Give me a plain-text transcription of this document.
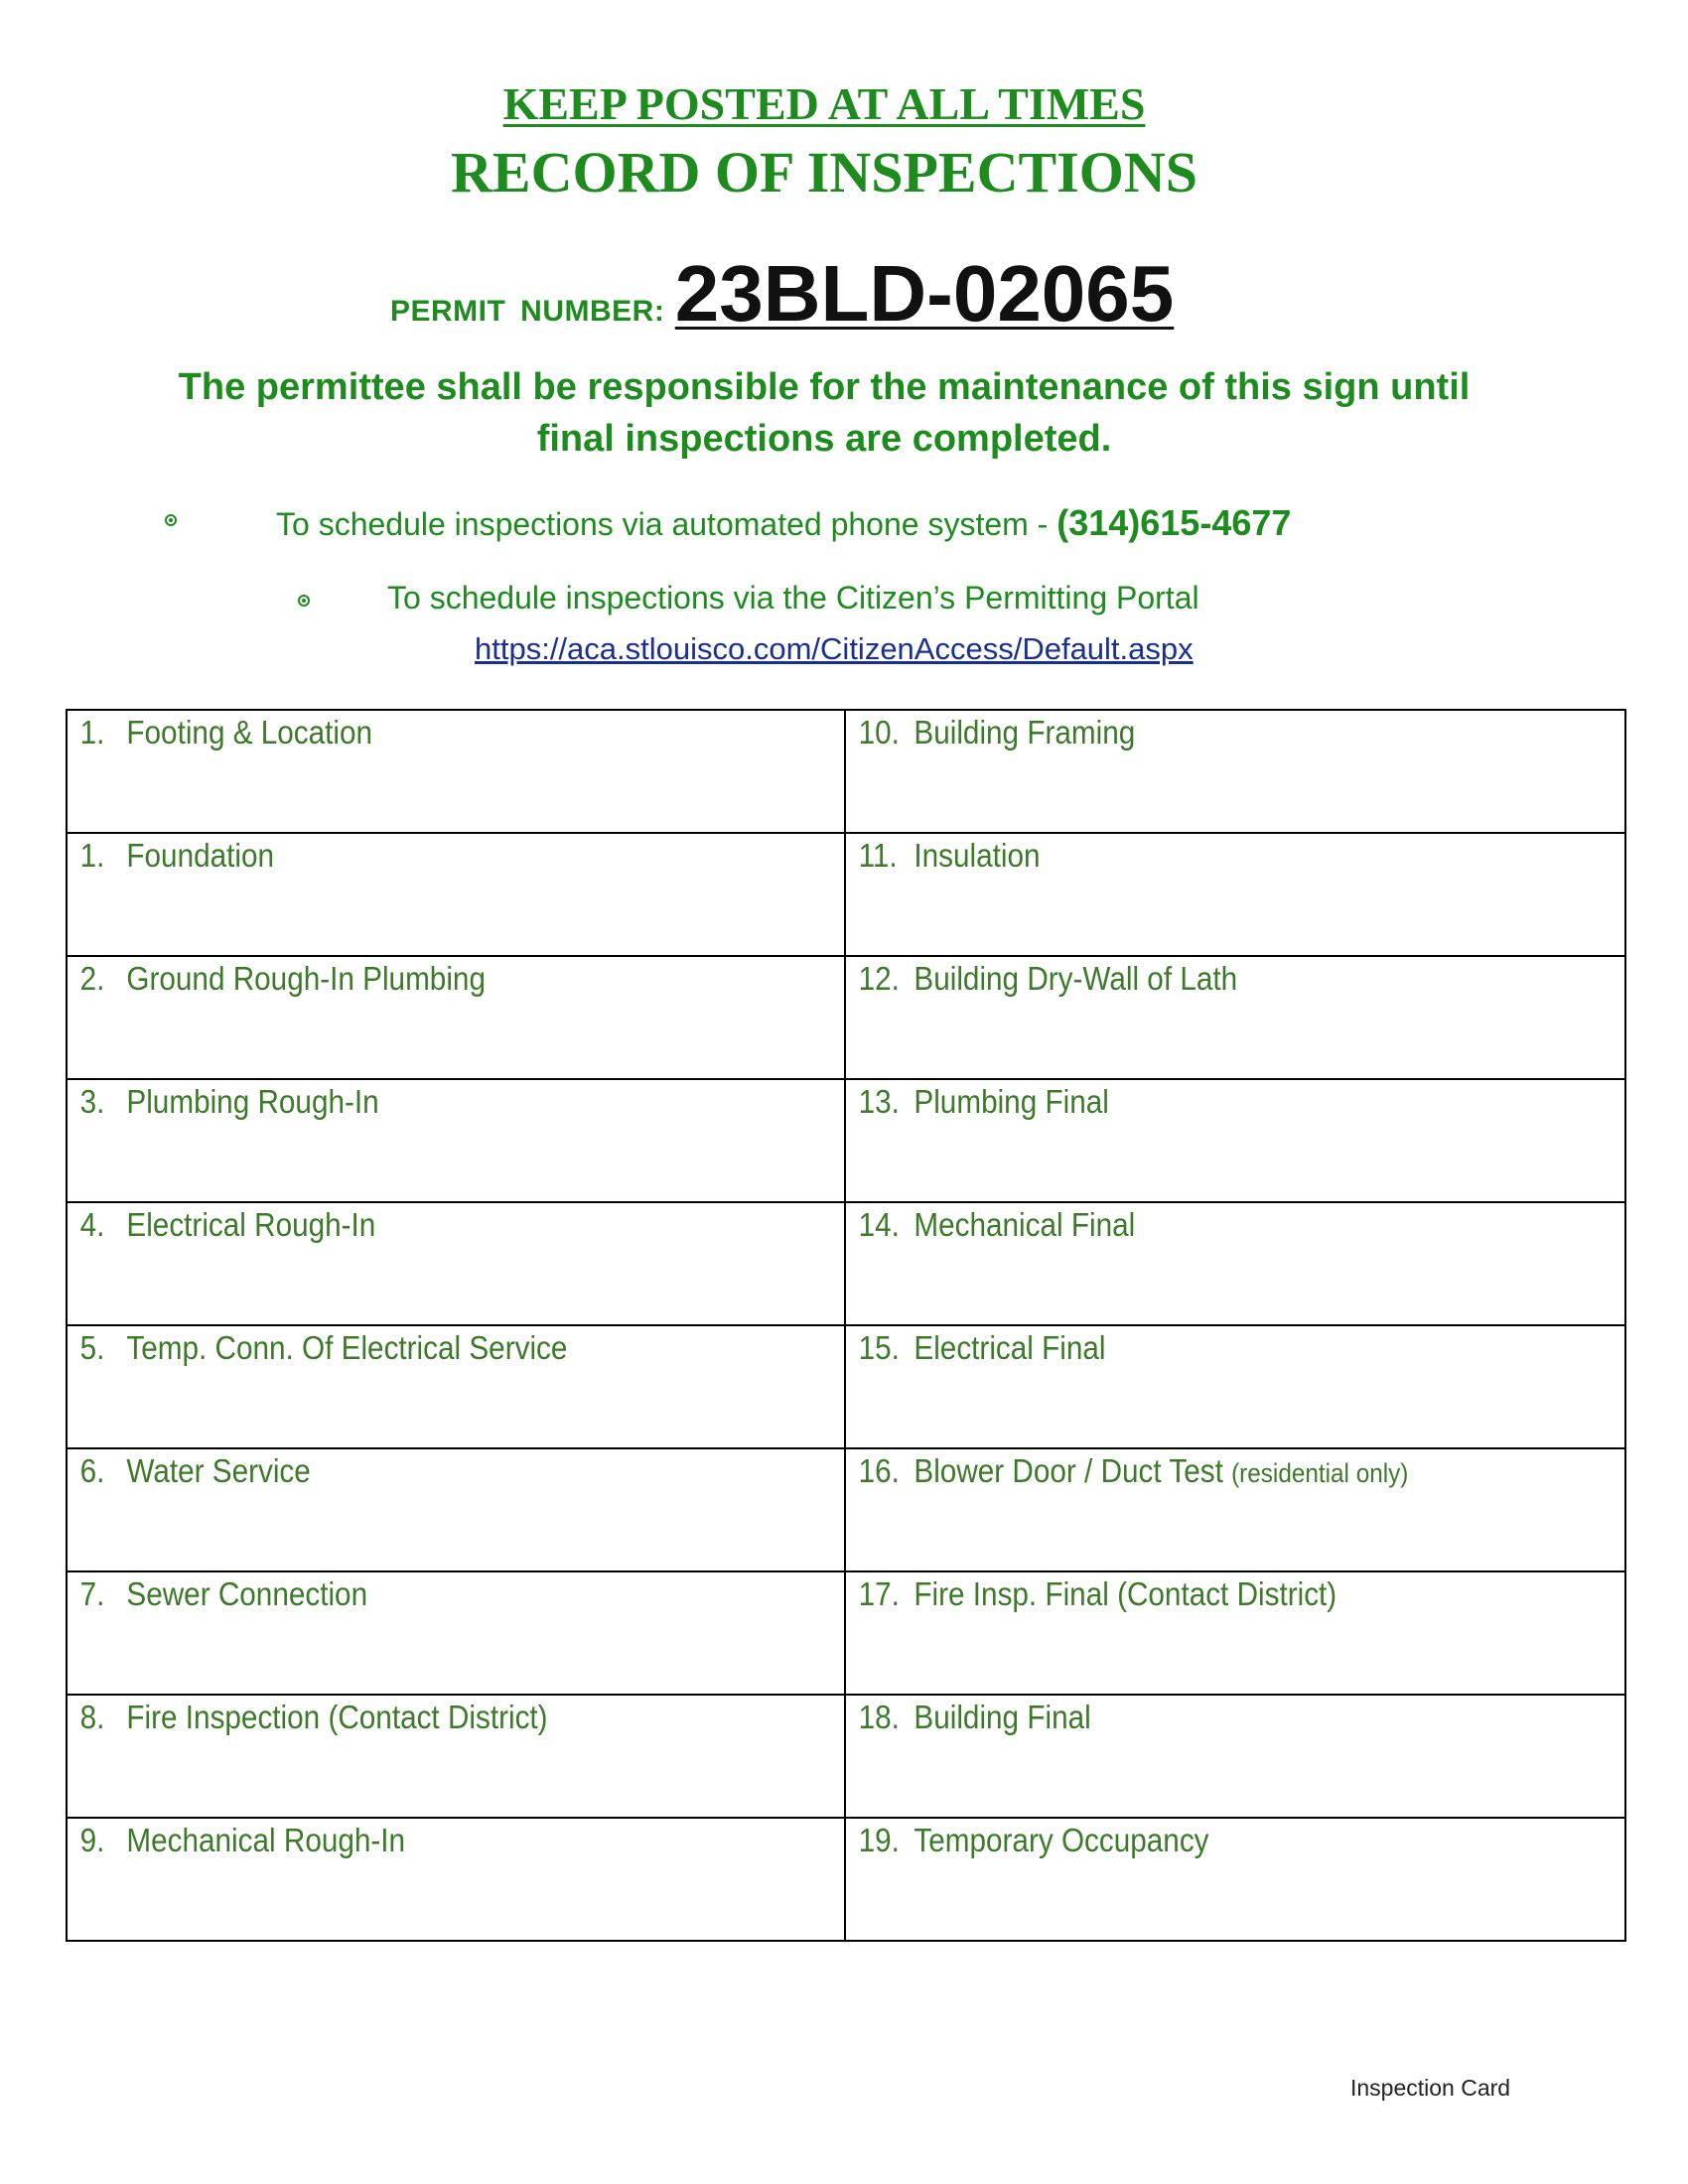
KEEP POSTED AT ALL TIMES
RECORD OF INSPECTIONS
PERMIT NUMBER: 23BLD-02065
The permittee shall be responsible for the maintenance of this sign until
final inspections are completed.
To schedule inspections via automated phone system - (314)615-4677
To schedule inspections via the Citizen’s Permitting Portal
https://aca.stlouisco.com/CitizenAccess/Default.aspx
1. Footing & Location	10. Building Framing

1. Foundation	11. Insulation

2. Ground Rough-In Plumbing	12. Building Dry-Wall of Lath

3. Plumbing Rough-In	13. Plumbing Final

4. Electrical Rough-In	14. Mechanical Final

5. Temp. Conn. Of Electrical Service	15. Electrical Final

6. Water Service	16. Blower Door / Duct Test (residential only)

7. Sewer Connection	17. Fire Insp. Final (Contact District)

8. Fire Inspection (Contact District)	18. Building Final

9. Mechanical Rough-In	19. Temporary Occupancy
Inspection Card
